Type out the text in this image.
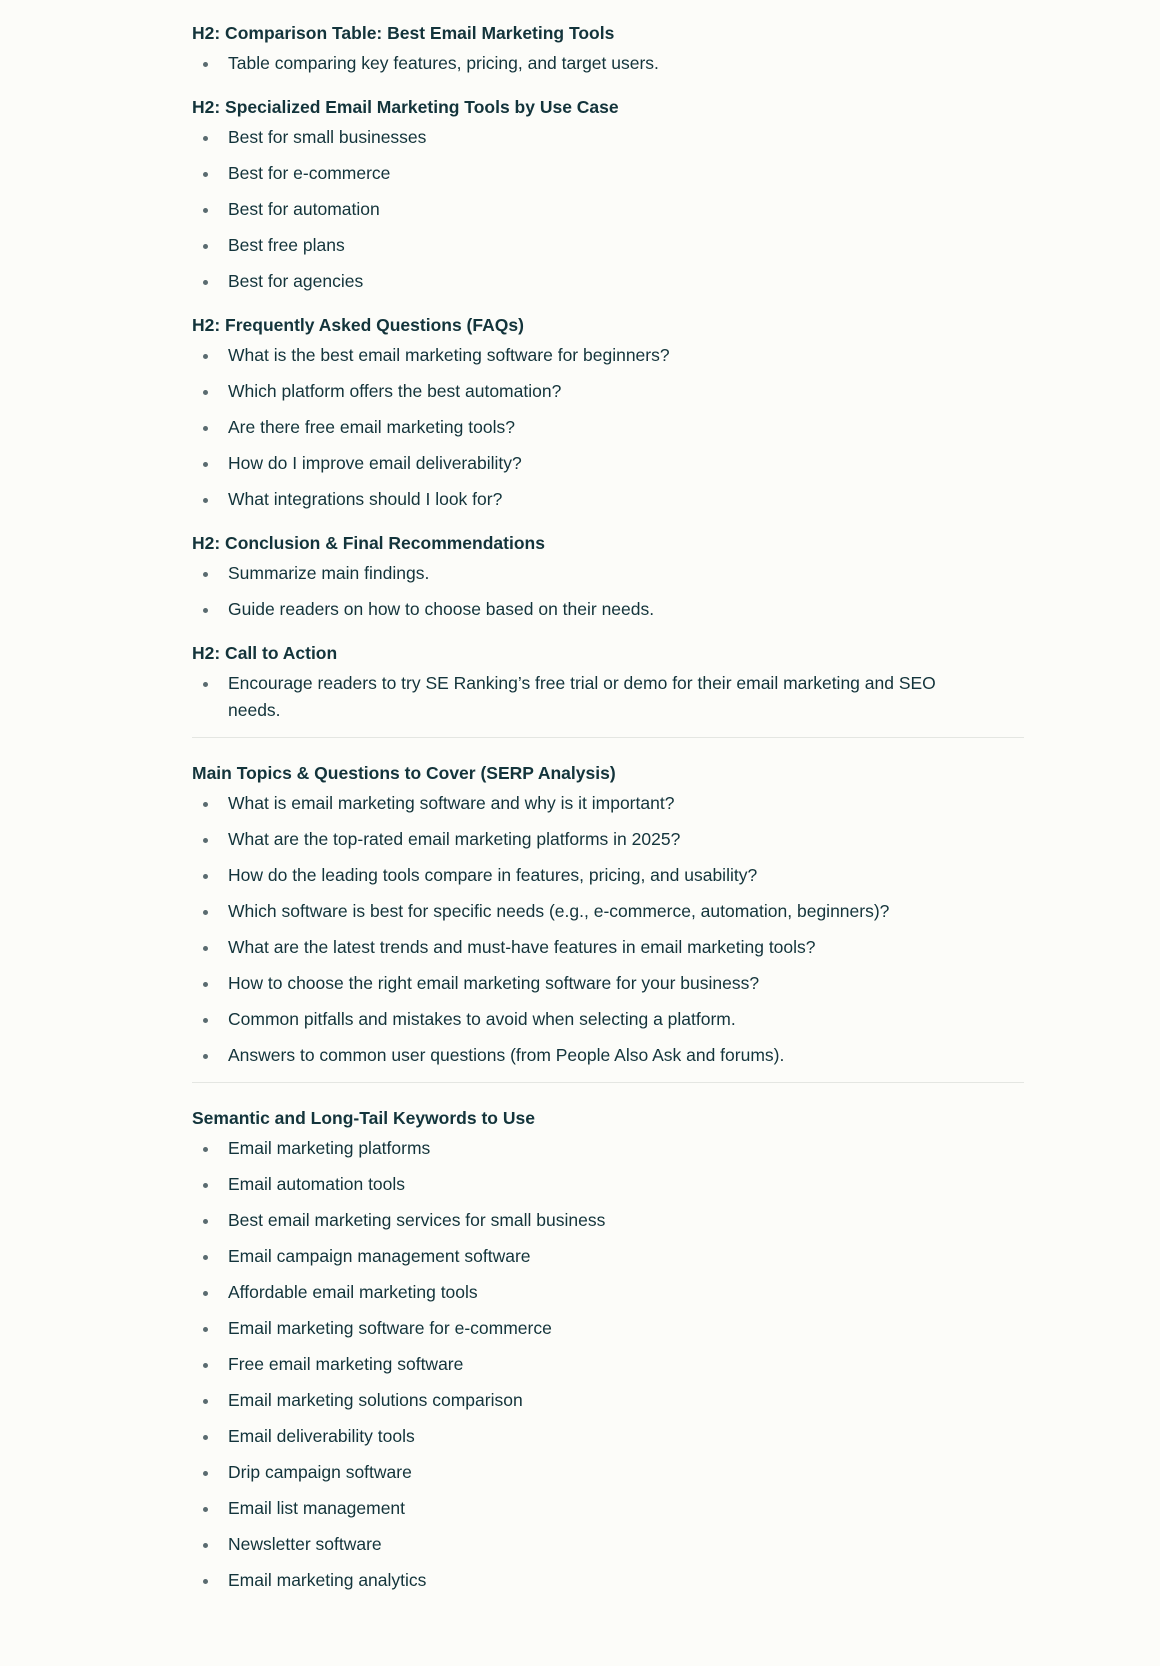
H2: Comparison Table: Best Email Marketing Tools
Table comparing key features, pricing, and target users.
H2: Specialized Email Marketing Tools by Use Case
Best for small businesses
Best for e-commerce
Best for automation
Best free plans
Best for agencies
H2: Frequently Asked Questions (FAQs)
What is the best email marketing software for beginners?
Which platform offers the best automation?
Are there free email marketing tools?
How do I improve email deliverability?
What integrations should I look for?
H2: Conclusion & Final Recommendations
Summarize main findings.
Guide readers on how to choose based on their needs.
H2: Call to Action
Encourage readers to try SE Ranking’s free trial or demo for their email marketing and SEO needs.
Main Topics & Questions to Cover (SERP Analysis)
What is email marketing software and why is it important?
What are the top-rated email marketing platforms in 2025?
How do the leading tools compare in features, pricing, and usability?
Which software is best for specific needs (e.g., e-commerce, automation, beginners)?
What are the latest trends and must-have features in email marketing tools?
How to choose the right email marketing software for your business?
Common pitfalls and mistakes to avoid when selecting a platform.
Answers to common user questions (from People Also Ask and forums).
Semantic and Long-Tail Keywords to Use
Email marketing platforms
Email automation tools
Best email marketing services for small business
Email campaign management software
Affordable email marketing tools
Email marketing software for e-commerce
Free email marketing software
Email marketing solutions comparison
Email deliverability tools
Drip campaign software
Email list management
Newsletter software
Email marketing analytics
